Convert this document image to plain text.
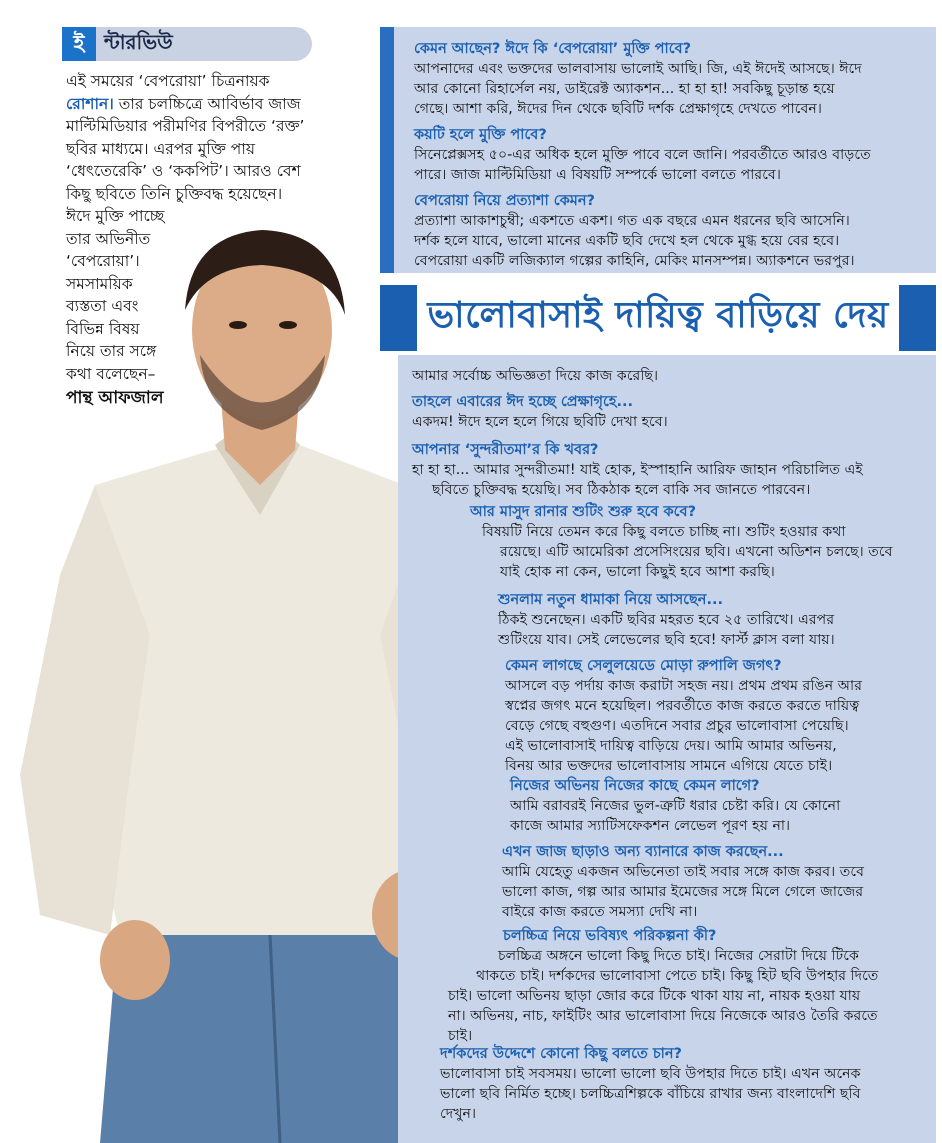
ই ন্টারভিউ
এই সময়ের ‘বেপরোয়া’ চিত্রনায়ক
রোশান। তার চলচ্চিত্রে আবির্ভাব জাজ
মাল্টিমিডিয়ার পরীমণির বিপরীতে ‘রক্ত’
ছবির মাধ্যমে। এরপর মুক্তি পায়
‘ধেৎতেরেকি’ ও ‘ককপিট’। আরও বেশ
কিছু ছবিতে তিনি চুক্তিবদ্ধ হয়েছেন।
ঈদে মুক্তি পাচ্ছে
তার অভিনীত
‘বেপরোয়া’।
সমসাময়িক
ব্যস্ততা এবং
বিভিন্ন বিষয়
নিয়ে তার সঙ্গে
কথা বলেছেন–
পান্থ আফজাল
কেমন আছেন? ঈদে কি ‘বেপরোয়া’ মুক্তি পাবে?
আপনাদের এবং ভক্তদের ভালবাসায় ভালোই আছি। জি, এই ঈদেই আসছে। ঈদে
আর কোনো রিহার্সেল নয়, ডাইরেক্ট অ্যাকশন... হা হা হা! সবকিছু চূড়ান্ত হয়ে
গেছে। আশা করি, ঈদের দিন থেকে ছবিটি দর্শক প্রেক্ষাগৃহে দেখতে পাবেন।
কয়টি হলে মুক্তি পাবে?
সিনেপ্লেক্সসহ ৫০-এর অধিক হলে মুক্তি পাবে বলে জানি। পরবর্তীতে আরও বাড়তে
পারে। জাজ মাল্টিমিডিয়া এ বিষয়টি সম্পর্কে ভালো বলতে পারবে।
বেপরোয়া নিয়ে প্রত্যাশা কেমন?
প্রত্যাশা আকাশচুম্বী; একশতে একশ। গত এক বছরে এমন ধরনের ছবি আসেনি।
দর্শক হলে যাবে, ভালো মানের একটি ছবি দেখে হল থেকে মুগ্ধ হয়ে বের হবে।
বেপরোয়া একটি লজিক্যাল গল্পের কাহিনি, মেকিং মানসম্পন্ন। অ্যাকশনে ভরপুর।
ভালোবাসাই দায়িত্ব বাড়িয়ে দেয়
আমার সর্বোচ্চ অভিজ্ঞতা দিয়ে কাজ করেছি।
তাহলে এবারের ঈদ হচ্ছে প্রেক্ষাগৃহে...
একদম! ঈদে হলে হলে গিয়ে ছবিটি দেখা হবে।
আপনার ‘সুন্দরীতমা’র কি খবর?
হা হা হা... আমার সুন্দরীতমা! যাই হোক, ইস্পাহানি আরিফ জাহান পরিচালিত এই
ছবিতে চুক্তিবদ্ধ হয়েছি। সব ঠিকঠাক হলে বাকি সব জানতে পারবেন।
আর মাসুদ রানার শুটিং শুরু হবে কবে?
বিষয়টি নিয়ে তেমন করে কিছু বলতে চাচ্ছি না। শুটিং হওয়ার কথা
রয়েছে। এটি আমেরিকা প্রসেসিংয়ের ছবি। এখনো অডিশন চলছে। তবে
যাই হোক না কেন, ভালো কিছুই হবে আশা করছি।
শুনলাম নতুন ধামাকা নিয়ে আসছেন...
ঠিকই শুনেছেন। একটি ছবির মহরত হবে ২৫ তারিখে। এরপর
শুটিংয়ে যাব। সেই লেভেলের ছবি হবে! ফার্স্ট ক্লাস বলা যায়।
কেমন লাগছে সেলুলয়েডে মোড়া রুপালি জগৎ?
আসলে বড় পর্দায় কাজ করাটা সহজ নয়। প্রথম প্রথম রঙিন আর
স্বপ্নের জগৎ মনে হয়েছিল। পরবর্তীতে কাজ করতে করতে দায়িত্ব
বেড়ে গেছে বহুগুণ। এতদিনে সবার প্রচুর ভালোবাসা পেয়েছি।
এই ভালোবাসাই দায়িত্ব বাড়িয়ে দেয়। আমি আমার অভিনয়,
বিনয় আর ভক্তদের ভালোবাসায় সামনে এগিয়ে যেতে চাই।
নিজের অভিনয় নিজের কাছে কেমন লাগে?
আমি বরাবরই নিজের ভুল-ত্রুটি ধরার চেষ্টা করি। যে কোনো
কাজে আমার স্যাটিসফেকশন লেভেল পূরণ হয় না।
এখন জাজ ছাড়াও অন্য ব্যানারে কাজ করছেন...
আমি যেহেতু একজন অভিনেতা তাই সবার সঙ্গে কাজ করব। তবে
ভালো কাজ, গল্প আর আমার ইমেজের সঙ্গে মিলে গেলে জাজের
বাইরে কাজ করতে সমস্যা দেখি না।
চলচ্চিত্র নিয়ে ভবিষ্যৎ পরিকল্পনা কী?
চলচ্চিত্র অঙ্গনে ভালো কিছু দিতে চাই। নিজের সেরাটা দিয়ে টিকে
থাকতে চাই। দর্শকদের ভালোবাসা পেতে চাই। কিছু হিট ছবি উপহার দিতে
চাই। ভালো অভিনয় ছাড়া জোর করে টিকে থাকা যায় না, নায়ক হওয়া যায়
না। অভিনয়, নাচ, ফাইটিং আর ভালোবাসা দিয়ে নিজেকে আরও তৈরি করতে
চাই।
দর্শকদের উদ্দেশে কোনো কিছু বলতে চান?
ভালোবাসা চাই সবসময়। ভালো ভালো ছবি উপহার দিতে চাই। এখন অনেক
ভালো ছবি নির্মিত হচ্ছে। চলচ্চিত্রশিল্পকে বাঁচিয়ে রাখার জন্য বাংলাদেশি ছবি
দেখুন।
